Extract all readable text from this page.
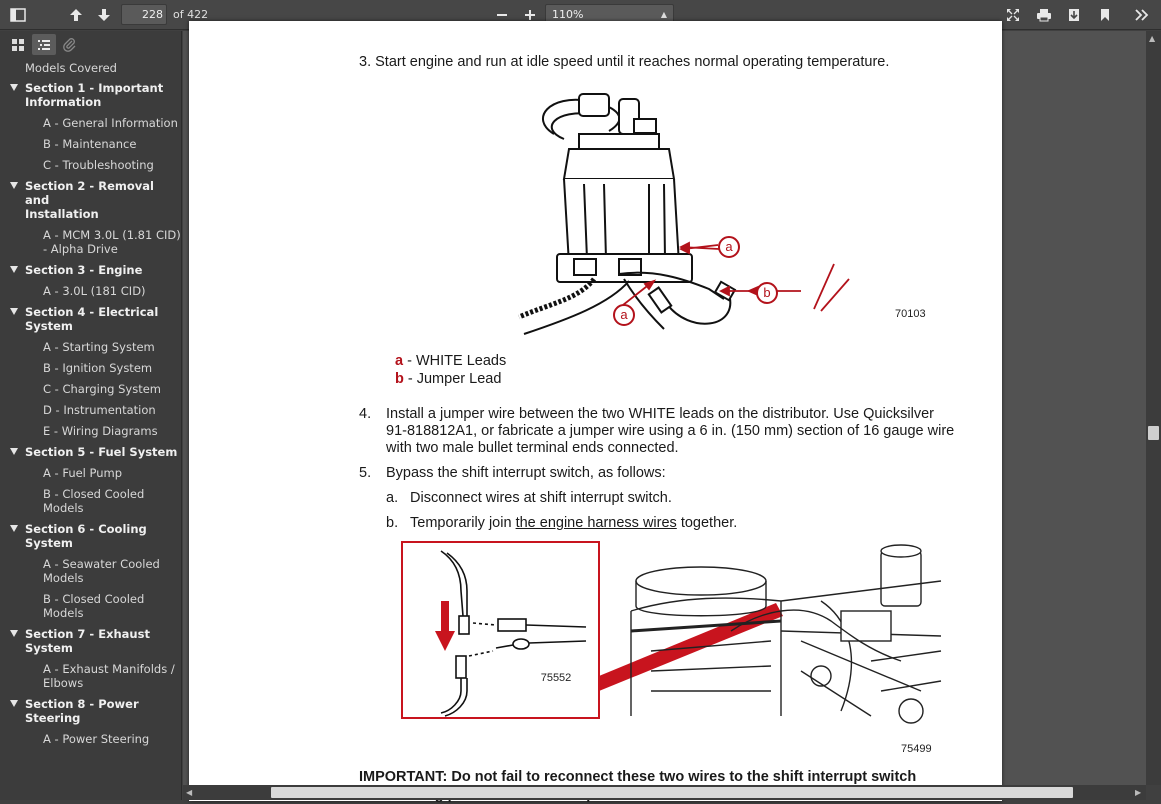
228
of 422	110%	▲

Models Covered
Section 1 - Important
Information
A - General Information
B - Maintenance
C - Troubleshooting
Section 2 - Removal and
Installation
A - MCM 3.0L (1.81 CID)
- Alpha Drive
Section 3 - Engine
A - 3.0L (181 CID)
Section 4 - Electrical
System
A - Starting System
B - Ignition System
C - Charging System
D - Instrumentation
E - Wiring Diagrams
Section 5 - Fuel System
A - Fuel Pump
B - Closed Cooled
Models
Section 6 - Cooling System
A - Seawater Cooled
Models
B - Closed Cooled
Models
Section 7 - Exhaust System
A - Exhaust Manifolds /
Elbows
Section 8 - Power Steering
A - Power Steering
3. Start engine and run at idle speed until it reaches normal operating temperature.
a
b
a	70103
a - WHITE Leads
b - Jumper Lead
4. Install a jumper wire between the two WHITE leads on the distributor. Use Quicksilver
91-818812A1, or fabricate a jumper wire using a 6 in. (150 mm) section of 16 gauge wire
with two male bullet terminal ends connected.
5. Bypass the shift interrupt switch, as follows:
a. Disconnect wires at shift interrupt switch.
b. Temporarily join the engine harness wires together.
75552
75499
IMPORTANT: Do not fail to reconnect these two wires to the shift interrupt switch
▲
◀	▶
